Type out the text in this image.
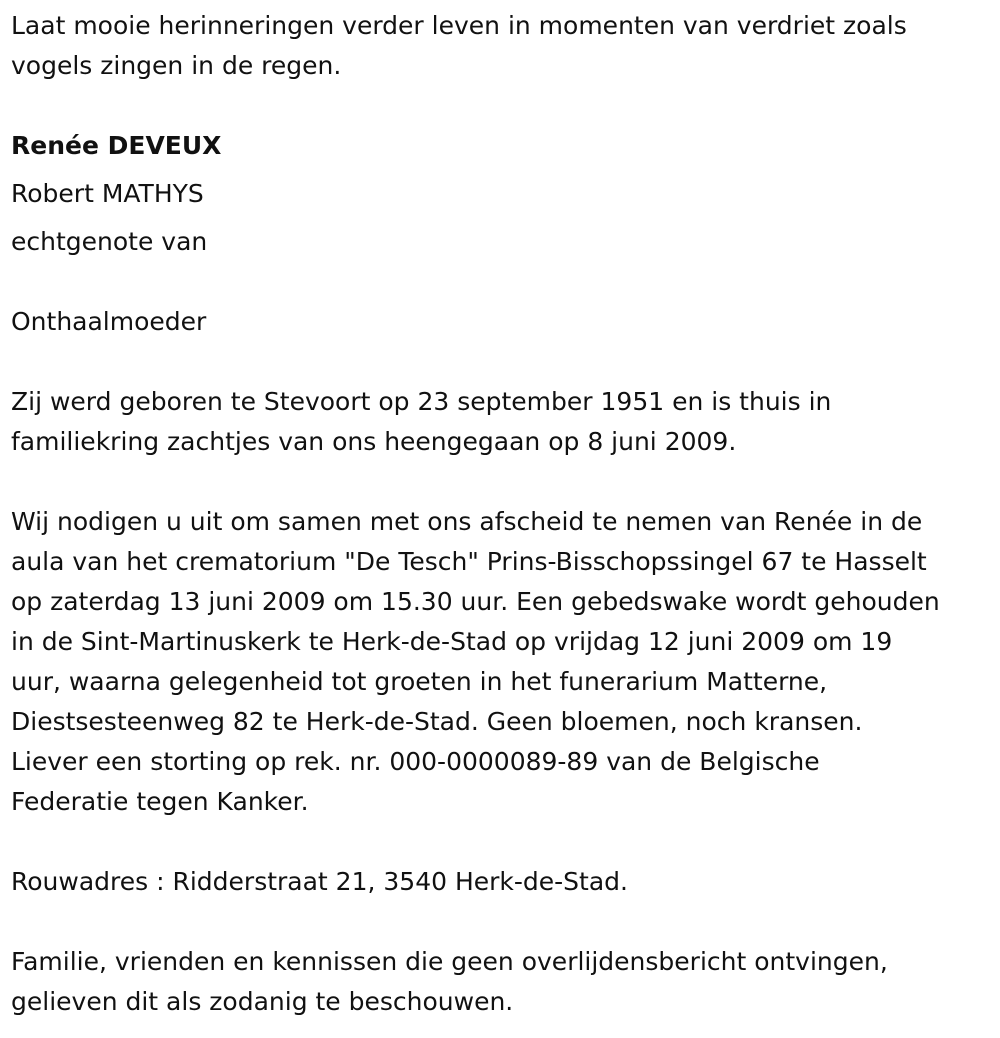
Laat mooie herinneringen verder leven in momenten van verdriet zoals
vogels zingen in de regen.

Renée DEVEUX

Robert MATHYS

echtgenote van

Onthaalmoeder

Zij werd geboren te Stevoort op 23 september 1951 en is thuis in
familiekring zachtjes van ons heengegaan op 8 juni 2009.

Wij nodigen u uit om samen met ons afscheid te nemen van Renée in de
aula van het crematorium "De Tesch" Prins-Bisschopssingel 67 te Hasselt
op zaterdag 13 juni 2009 om 15.30 uur. Een gebedswake wordt gehouden
in de Sint-Martinuskerk te Herk-de-Stad op vrijdag 12 juni 2009 om 19
uur, waarna gelegenheid tot groeten in het funerarium Matterne,
Diestsesteenweg 82 te Herk-de-Stad. Geen bloemen, noch kransen.
Liever een storting op rek. nr. 000-0000089-89 van de Belgische
Federatie tegen Kanker.

Rouwadres : Ridderstraat 21, 3540 Herk-de-Stad.

Familie, vrienden en kennissen die geen overlijdensbericht ontvingen,
gelieven dit als zodanig te beschouwen.
